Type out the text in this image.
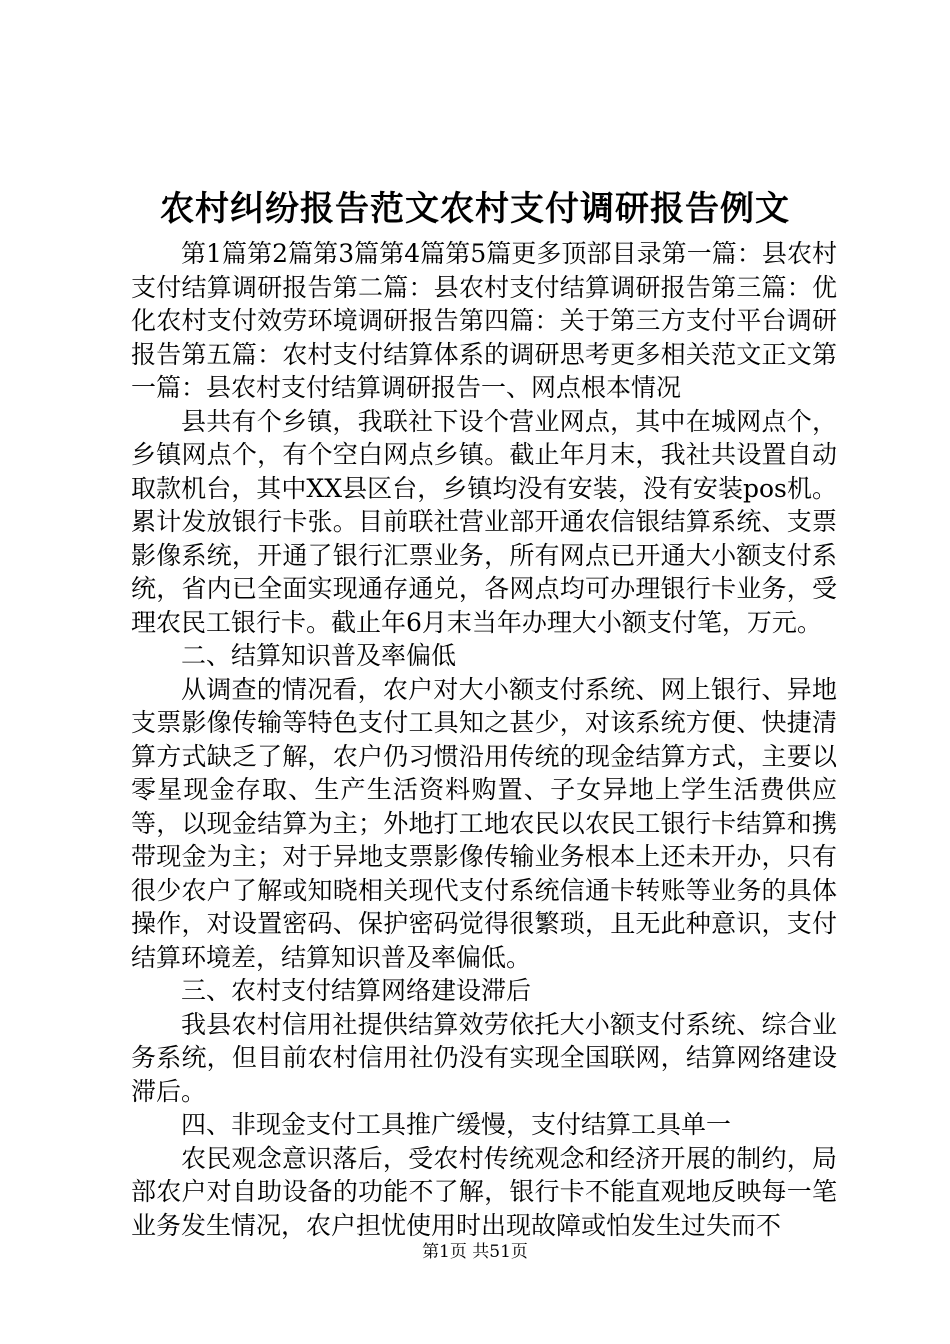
农村纠纷报告范文农村支付调研报告例文

第1篇第2篇第3篇第4篇第5篇更多顶部目录第一篇：县农村支付结算调研报告第二篇：县农村支付结算调研报告第三篇：优化农村支付效劳环境调研报告第四篇：关于第三方支付平台调研报告第五篇：农村支付结算体系的调研思考更多相关范文正文第一篇：县农村支付结算调研报告一、网点根本情况

县共有个乡镇，我联社下设个营业网点，其中在城网点个，乡镇网点个，有个空白网点乡镇。截止年月末，我社共设置自动取款机台，其中XX县区台，乡镇均没有安装，没有安装pos机。累计发放银行卡张。目前联社营业部开通农信银结算系统、支票影像系统，开通了银行汇票业务，所有网点已开通大小额支付系统，省内已全面实现通存通兑，各网点均可办理银行卡业务，受理农民工银行卡。截止年6月末当年办理大小额支付笔，万元。

二、结算知识普及率偏低

从调查的情况看，农户对大小额支付系统、网上银行、异地支票影像传输等特色支付工具知之甚少，对该系统方便、快捷清算方式缺乏了解，农户仍习惯沿用传统的现金结算方式，主要以零星现金存取、生产生活资料购置、子女异地上学生活费供应等，以现金结算为主；外地打工地农民以农民工银行卡结算和携带现金为主；对于异地支票影像传输业务根本上还未开办，只有很少农户了解或知晓相关现代支付系统信通卡转账等业务的具体操作，对设置密码、保护密码觉得很繁琐，且无此种意识，支付结算环境差，结算知识普及率偏低。

三、农村支付结算网络建设滞后

我县农村信用社提供结算效劳依托大小额支付系统、综合业务系统，但目前农村信用社仍没有实现全国联网，结算网络建设滞后。

四、非现金支付工具推广缓慢，支付结算工具单一

农民观念意识落后，受农村传统观念和经济开展的制约，局部农户对自助设备的功能不了解，银行卡不能直观地反映每一笔业务发生情况，农户担忧使用时出现故障或怕发生过失而不

第1页 共51页
